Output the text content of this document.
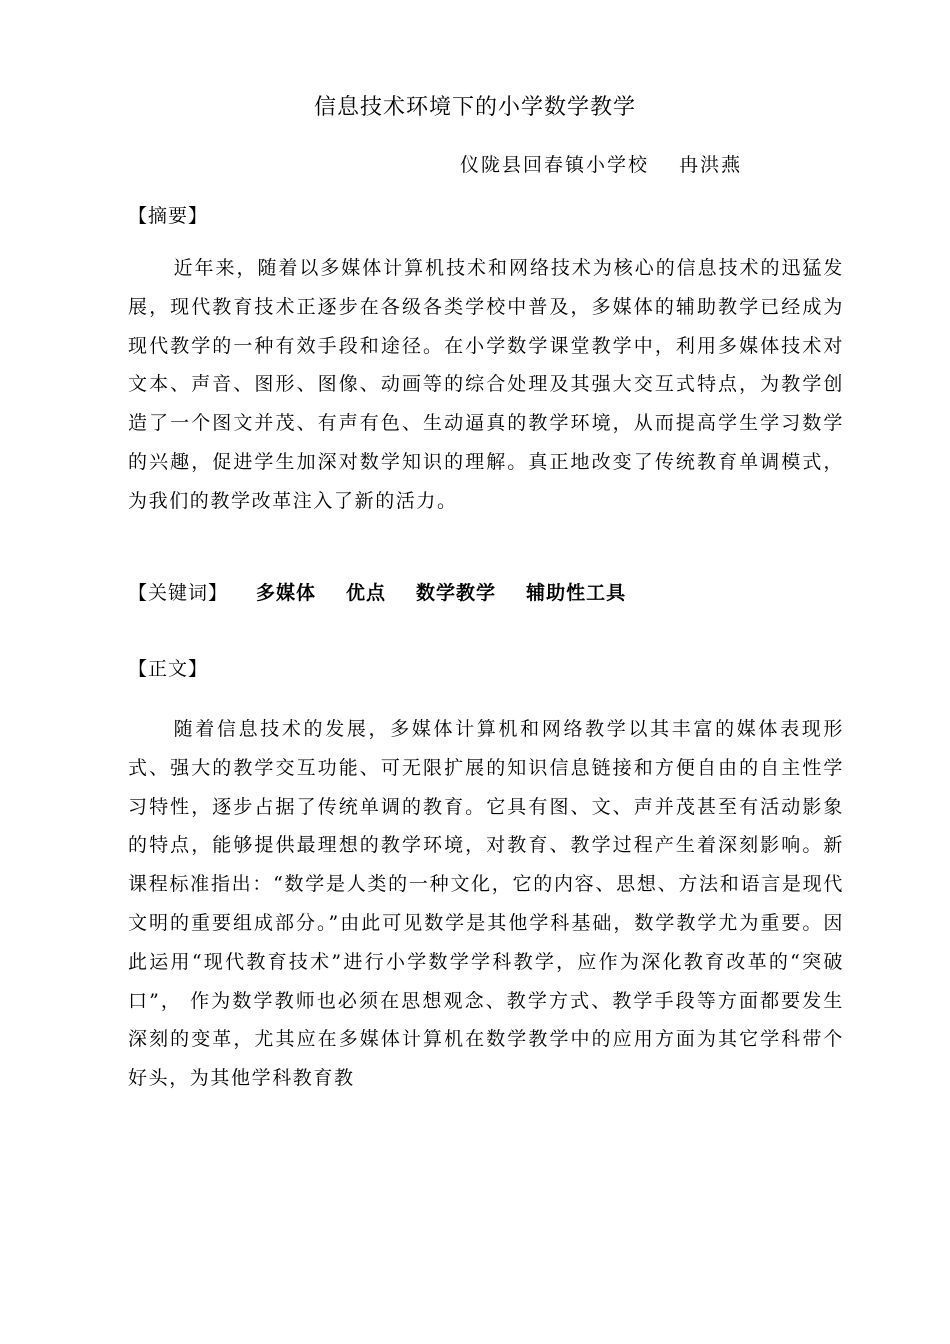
信息技术环境下的小学数学教学
仪陇县回春镇小学校 冉洪燕
【摘要】

近年来，随着以多媒体计算机技术和网络技术为核心的信息技术的迅猛发展，现代教育技术正逐步在各级各类学校中普及，多媒体的辅助教学已经成为现代教学的一种有效手段和途径。在小学数学课堂教学中，利用多媒体技术对文本、声音、图形、图像、动画等的综合处理及其强大交互式特点，为教学创造了一个图文并茂、有声有色、生动逼真的教学环境，从而提高学生学习数学的兴趣，促进学生加深对数学知识的理解。真正地改变了传统教育单调模式，为我们的教学改革注入了新的活力。

【关键词】 多媒体 优点 数学教学 辅助性工具
【正文】

随着信息技术的发展，多媒体计算机和网络教学以其丰富的媒体表现形式、强大的教学交互功能、可无限扩展的知识信息链接和方便自由的自主性学习特性，逐步占据了传统单调的教育。它具有图、文、声并茂甚至有活动影象的特点，能够提供最理想的教学环境，对教育、教学过程产生着深刻影响。新课程标准指出：“数学是人类的一种文化，它的内容、思想、方法和语言是现代文明的重要组成部分。”由此可见数学是其他学科基础，数学教学尤为重要。因此运用“现代教育技术”进行小学数学学科教学，应作为深化教育改革的“突破口”， 作为数学教师也必须在思想观念、教学方式、教学手段等方面都要发生深刻的变革，尤其应在多媒体计算机在数学教学中的应用方面为其它学科带个好头，为其他学科教育教
